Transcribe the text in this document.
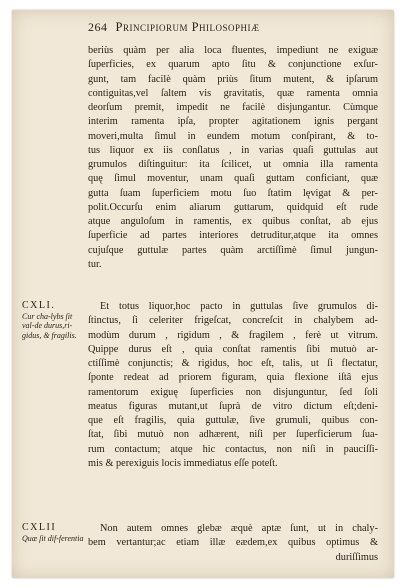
264 Principiorum Philosophiæ
beriùs quàm per alia loca fluentes, impediunt ne exiguæ
ſuperficies, ex quarum apto ſitu & conjunctione exſur-
gunt, tam facilè quàm priùs ſitum mutent, & ipſarum
contiguitas,vel ſaltem vis gravitatis, quæ ramenta omnia
deorſum premit, impedit ne facilè disjungantur. Cùmque
interim ramenta ipſa, propter agitationem ignis pergant
moveri,multa ſimul in eundem motum conſpirant, & to-
tus liquor ex iis conſlatus , in varias quaſi guttulas aut
grumulos diſtinguitur: ita ſcilicet, ut omnia illa ramenta
quę ſimul moventur, unam quaſi guttam conficiant, quæ
gutta ſuam ſuperficiem motu ſuo ſtatim lęvigat & per-
polit.Occurſu enim aliarum guttarum, quidquid eſt rude
atque anguloſum in ramentis, ex quibus conſtat, ab ejus
ſuperficie ad partes interiores detruditur,atque ita omnes
cujuſque guttulæ partes quàm arctiſſimè ſimul jungun-
tur.
CXLI.
Cur cha-lybs ſit val-de durus,ri-gidus, & fragilis.
Et totus liquor,hoc pacto in guttulas ſive grumulos di-
ſtinctus, ſi celeriter frigeſcat, concreſcit in chalybem ad-
modùm durum , rigidum , & fragilem , ferè ut vitrum.
Quippe durus eſt , quia conſtat ramentis ſibi mutuò ar-
ctiſſimè conjunctis; & rigidus, hoc eſt, talis, ut ſi flectatur,
ſponte redeat ad priorem figuram, quia flexione iſtâ ejus
ramentorum exiguę ſuperficies non disjunguntur, ſed ſoli
meatus figuras mutant,ut ſuprà de vitro dictum eſt;deni-
que eſt fragilis, quia guttulæ, ſive grumuli, quibus con-
ſtat, ſibi mutuò non adhærent, niſi per ſuperficierum ſua-
rum contactum; atque hic contactus, non niſi in pauciſſi-
mis & perexiguis locis immediatus eſſe poteſt.
CXLII
Quæ ſit dif-ferentia
Non autem omnes glebæ æquè aptæ ſunt, ut in chaly-
bem vertantur;ac etiam illæ eædem,ex quibus optimus &
duriſſimus
